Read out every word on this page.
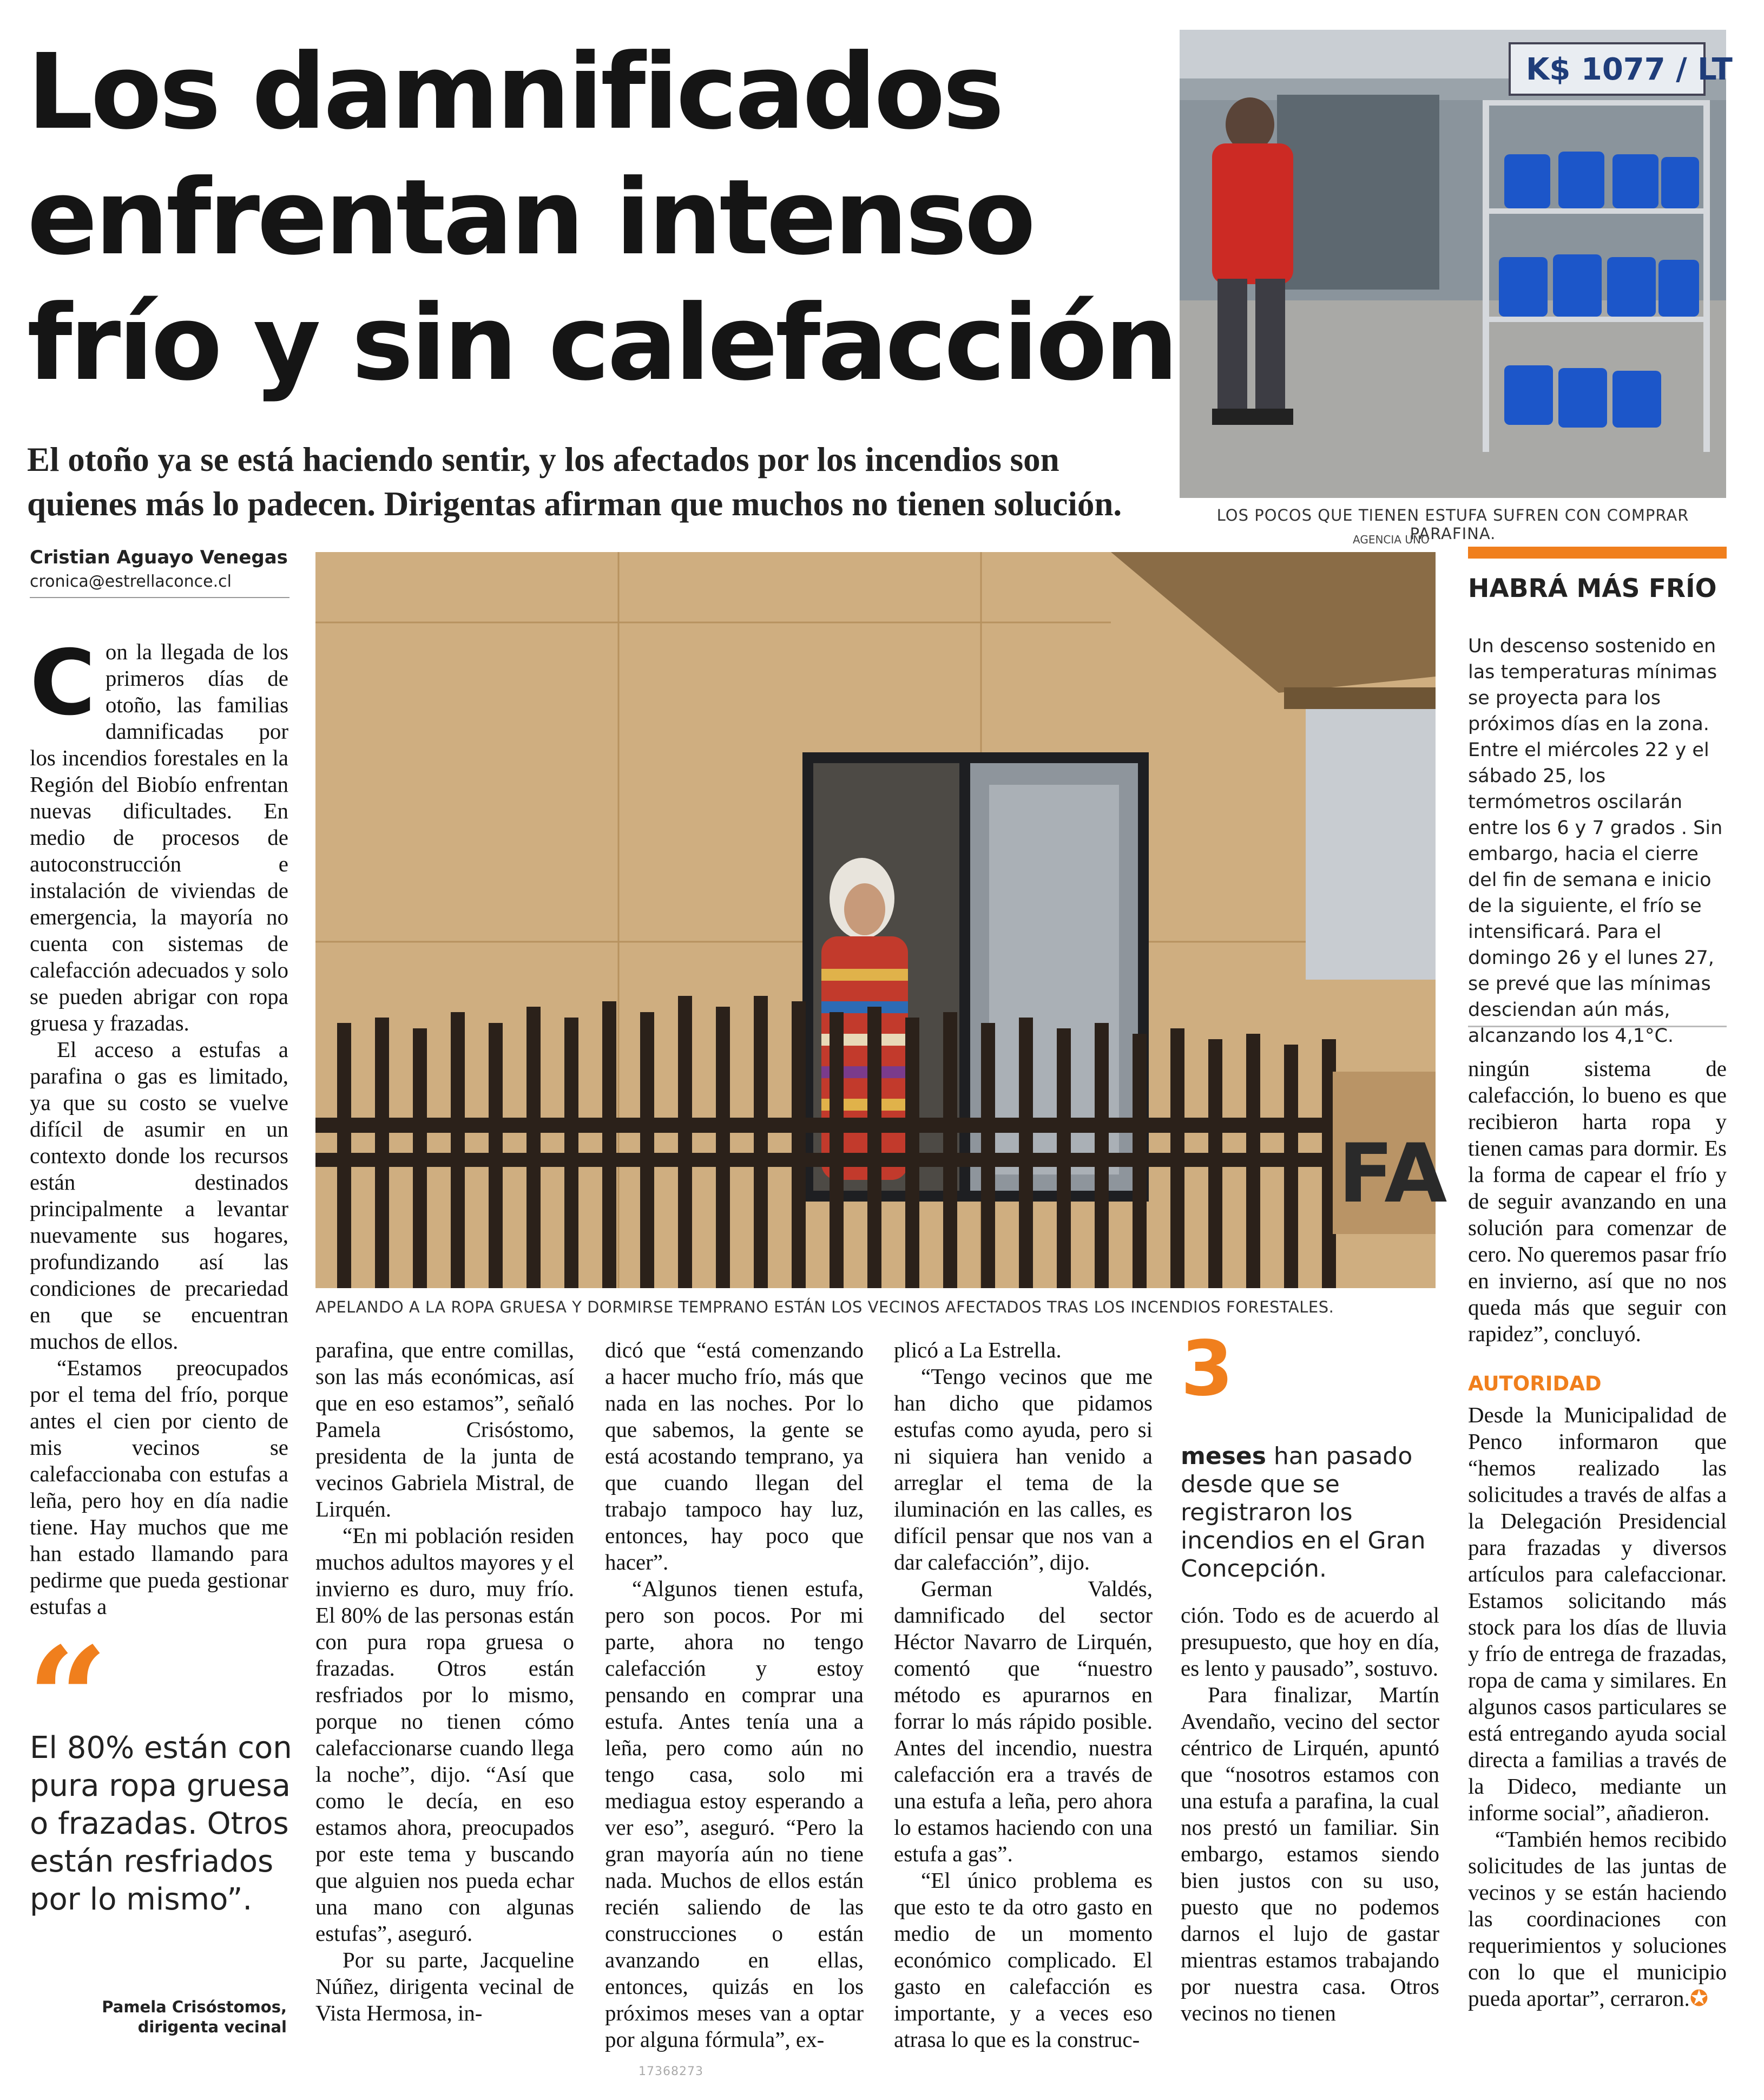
Los damnificados
enfrentan intenso
frío y sin calefacción
El otoño ya se está haciendo sentir, y los afectados por los incendios son
quienes más lo padecen. Dirigentas afirman que muchos no tienen solución.
K$ 1077 / LT
LOS POCOS QUE TIENEN ESTUFA SUFREN CON COMPRAR PARAFINA.
AGENCIA UNO
Cristian Aguayo Venegas
cronica@estrellaconce.cl
FA
APELANDO A LA ROPA GRUESA Y DORMIRSE TEMPRANO ESTÁN LOS VECINOS AFECTADOS TRAS LOS INCENDIOS FORESTALES.

Con la llegada de los primeros días de otoño, las familias damnificadas por los incendios forestales en la Región del Biobío enfrentan nuevas dificultades. En medio de procesos de autoconstrucción e instalación de viviendas de emergencia, la mayoría no cuenta con sistemas de calefacción adecuados y solo se pueden abrigar con ropa gruesa y frazadas.

El acceso a estufas a parafina o gas es limitado, ya que su costo se vuelve difícil de asumir en un contexto donde los recursos están destinados principalmente a levantar nuevamente sus hogares, profundizando así las condiciones de precariedad en que se encuentran muchos de ellos.

“Estamos preocupados por el tema del frío, porque antes el cien por ciento de mis vecinos se calefaccionaba con estufas a leña, pero hoy en día nadie tiene. Hay muchos que me han estado llamando para pedirme que pueda gestionar estufas a

“
El 80% están con pura ropa gruesa o frazadas. Otros están resfriados por lo mismo”.
Pamela Crisóstomos,
dirigenta vecinal

parafina, que entre comillas, son las más económicas, así que en eso estamos”, señaló Pamela Crisóstomo, presidenta de la junta de vecinos Gabriela Mistral, de Lirquén.

“En mi población residen muchos adultos mayores y el invierno es duro, muy frío. El 80% de las personas están con pura ropa gruesa o frazadas. Otros están resfriados por lo mismo, porque no tienen cómo calefaccionarse cuando llega la noche”, dijo. “Así que como le decía, en eso estamos ahora, preocupados por este tema y buscando que alguien nos pueda echar una mano con algunas estufas”, aseguró.

Por su parte, Jacqueline Núñez, dirigenta vecinal de Vista Hermosa, in-

dicó que “está comenzando a hacer mucho frío, más que nada en las noches. Por lo que sabemos, la gente se está acostando temprano, ya que cuando llegan del trabajo tampoco hay luz, entonces, hay poco que hacer”.

“Algunos tienen estufa, pero son pocos. Por mi parte, ahora no tengo calefacción y estoy pensando en comprar una estufa. Antes tenía una a leña, pero como aún no tengo casa, solo mi mediagua estoy esperando a ver eso”, aseguró. “Pero la gran mayoría aún no tiene nada. Muchos de ellos están recién saliendo de las construcciones o están avanzando en ellas, entonces, quizás en los próximos meses van a optar por alguna fórmula”, ex-

plicó a La Estrella.

“Tengo vecinos que me han dicho que pidamos estufas como ayuda, pero si ni siquiera han venido a arreglar el tema de la iluminación en las calles, es difícil pensar que nos van a dar calefacción”, dijo.

German Valdés, damnificado del sector Héctor Navarro de Lirquén, comentó que “nuestro método es apurarnos en forrar lo más rápido posible. Antes del incendio, nuestra calefacción era a través de una estufa a leña, pero ahora lo estamos haciendo con una estufa a gas”.

“El único problema es que esto te da otro gasto en medio de un momento económico complicado. El gasto en calefacción es importante, y a veces eso atrasa lo que es la construc-

3
meses han pasado desde que se registraron los incendios en el Gran Concepción.

ción. Todo es de acuerdo al presupuesto, que hoy en día, es lento y pausado”, sostuvo.

Para finalizar, Martín Avendaño, vecino del sector céntrico de Lirquén, apuntó que “nosotros estamos con una estufa a parafina, la cual nos prestó un familiar. Sin embargo, estamos siendo bien justos con su uso, puesto que no podemos darnos el lujo de gastar mientras estamos trabajando por nuestra casa. Otros vecinos no tienen

HABRÁ MÁS FRÍO
Un descenso sostenido en las temperaturas mínimas se proyecta para los próximos días en la zona. Entre el miércoles 22 y el sábado 25, los termómetros oscilarán entre los 6 y 7 grados . Sin embargo, hacia el cierre del fin de semana e inicio de la siguiente, el frío se intensificará. Para el domingo 26 y el lunes 27, se prevé que las mínimas desciendan aún más, alcanzando los 4,1°C.

ningún sistema de calefacción, lo bueno es que recibieron harta ropa y tienen camas para dormir. Es la forma de capear el frío y de seguir avanzando en una solución para comenzar de cero. No queremos pasar frío en invierno, así que no nos queda más que seguir con rapidez”, concluyó.

AUTORIDAD

Desde la Municipalidad de Penco informaron que “hemos realizado las solicitudes a través de alfas a la Delegación Presidencial para frazadas y diversos artículos para calefaccionar. Estamos solicitando más stock para los días de lluvia y frío de entrega de frazadas, ropa de cama y similares. En algunos casos particulares se está entregando ayuda social directa a familias a través de la Dideco, mediante un informe social”, añadieron.

“También hemos recibido solicitudes de las juntas de vecinos y se están haciendo las coordinaciones con requerimientos y soluciones con lo que el municipio pueda aportar”, cerraron.✪

17368273
